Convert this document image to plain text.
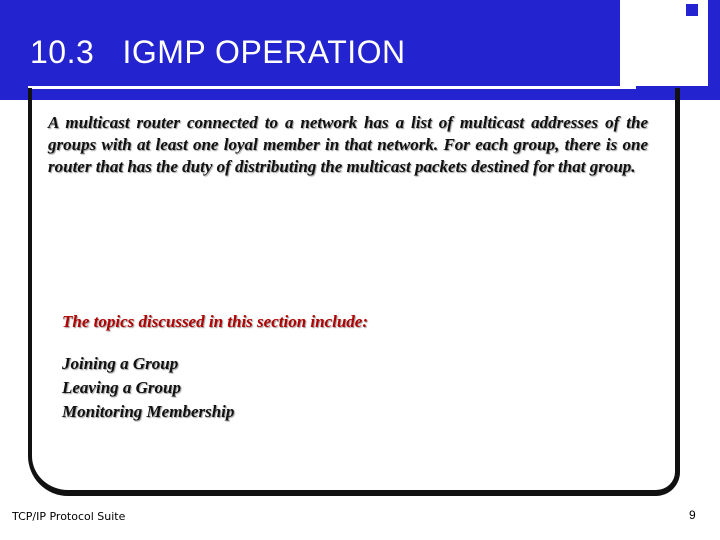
10.3   IGMP OPERATION
A multicast router connected to a network has a list of multicast addresses of the groups with at least one loyal member in that network. For each group, there is one router that has the duty of distributing the multicast packets destined for that group.
The topics discussed in this section include:
Joining a Group
Leaving a Group
Monitoring Membership
TCP/IP Protocol Suite	9
